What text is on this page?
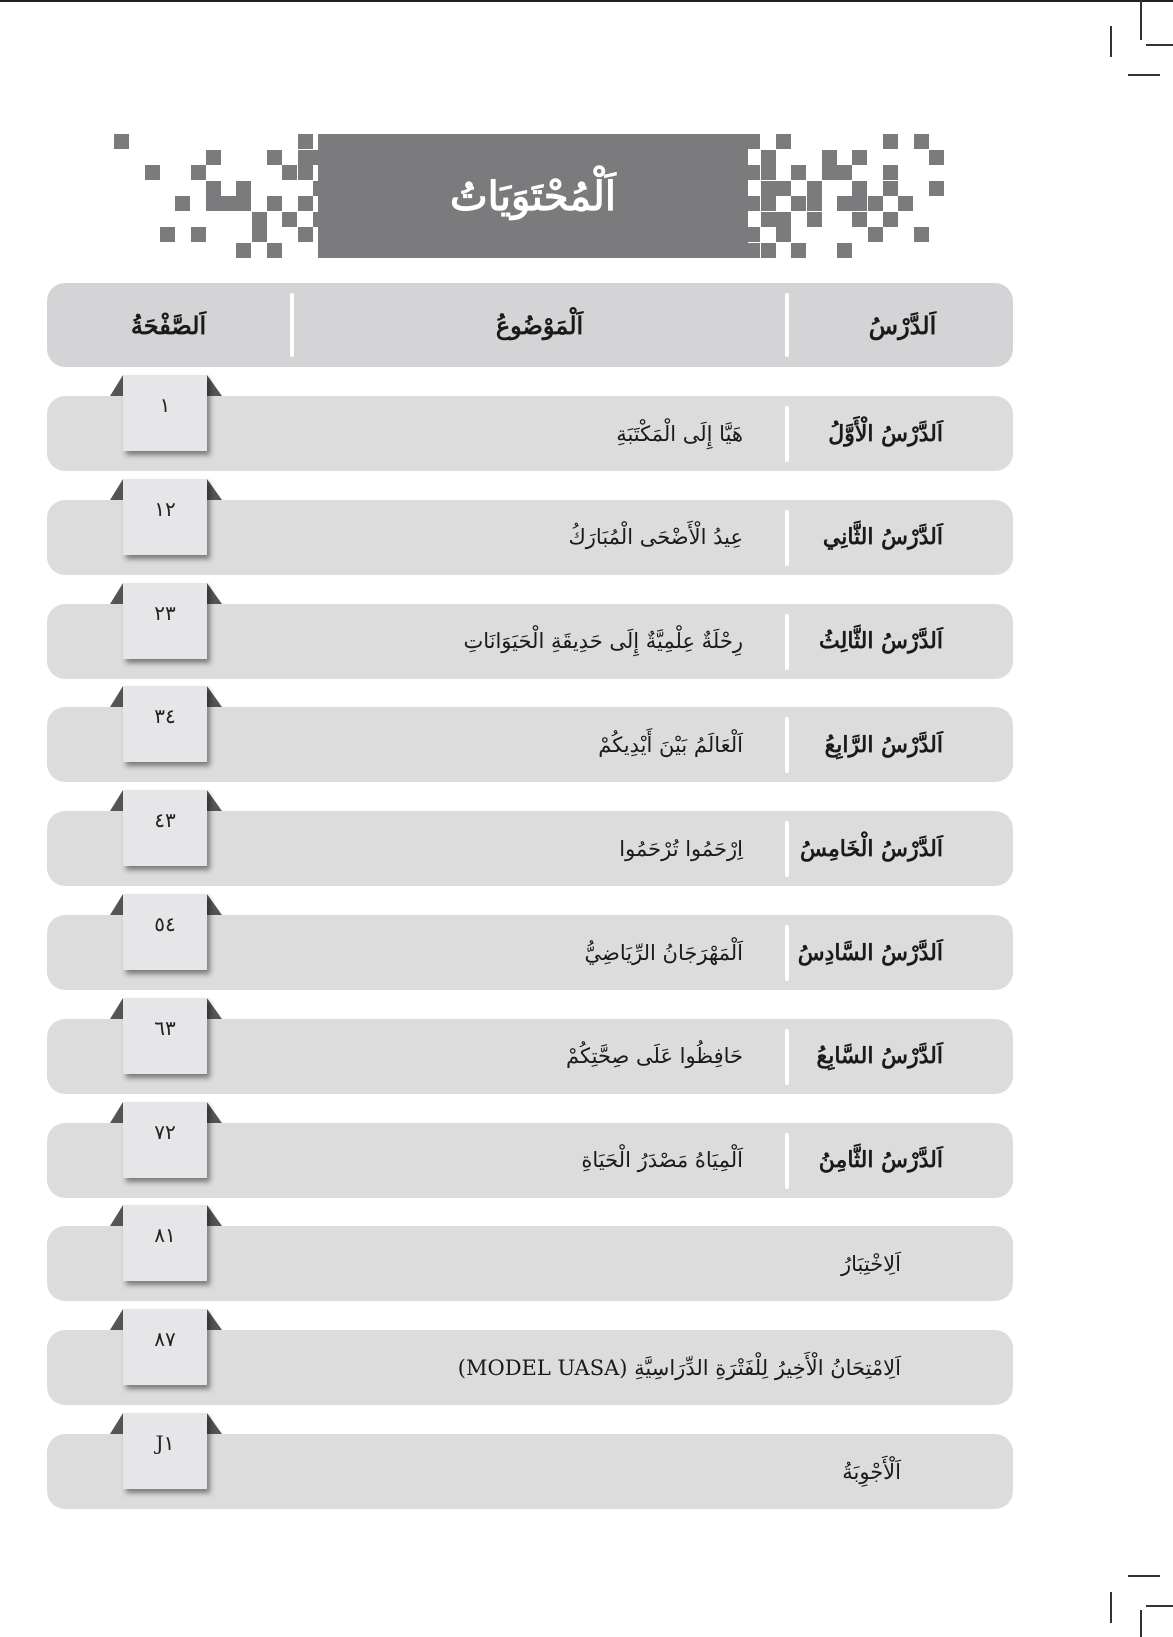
اَلْمُحْتَوَيَاتُ
اَلدَّرْسُ
اَلْمَوْضُوعُ
اَلصَّفْحَةُ
اَلدَّرْسُ الْأَوَّلُ
هَيَّا إِلَى الْمَكْتَبَةِ
١
اَلدَّرْسُ الثَّانِي
عِيدُ الْأَضْحَى الْمُبَارَكُ
١٢
اَلدَّرْسُ الثَّالِثُ
رِحْلَةٌ عِلْمِيَّةٌ إِلَى حَدِيقَةِ الْحَيَوَانَاتِ
٢٣
اَلدَّرْسُ الرَّابِعُ
اَلْعَالَمُ بَيْنَ أَيْدِيكُمْ
٣٤
اَلدَّرْسُ الْخَامِسُ
اِرْحَمُوا تُرْحَمُوا
٤٣
اَلدَّرْسُ السَّادِسُ
اَلْمَهْرَجَانُ الرِّيَاضِيُّ
٥٤
اَلدَّرْسُ السَّابِعُ
حَافِظُوا عَلَى صِحَّتِكُمْ
٦٣
اَلدَّرْسُ الثَّامِنُ
اَلْمِيَاهُ مَصْدَرُ الْحَيَاةِ
٧٢
اَلِاخْتِبَارُ
٨١
اَلِامْتِحَانُ الْأَخِيرُ لِلْفَتْرَةِ الدِّرَاسِيَّةِ (MODEL UASA)
٨٧
اَلْأَجْوِبَةُ
J١
